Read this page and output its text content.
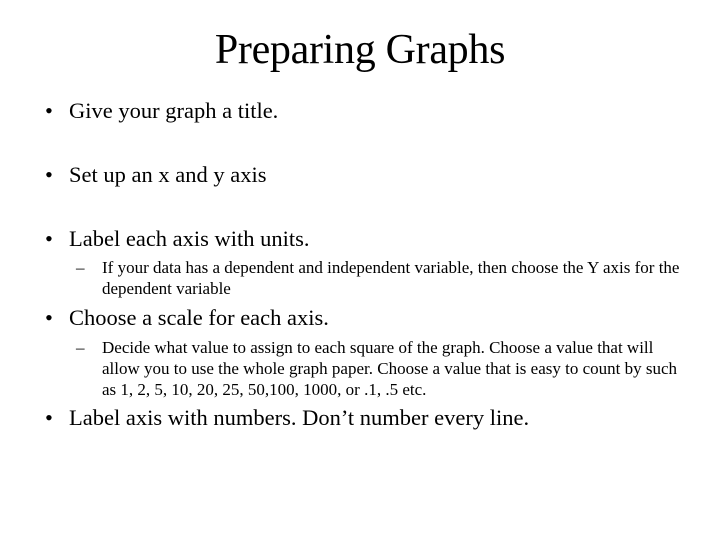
Preparing Graphs
• Give your graph a title.
• Set up an x and y axis
• Label each axis with units.
– If your data has a dependent and independent variable, then choose the Y axis for the dependent variable
• Choose a scale for each axis.
– Decide what value to assign to each square of the graph. Choose a value that will allow you to use the whole graph paper. Choose a value that is easy to count by such as 1, 2, 5, 10, 20, 25, 50,100, 1000, or .1, .5 etc.
• Label axis with numbers. Don’t number every line.
